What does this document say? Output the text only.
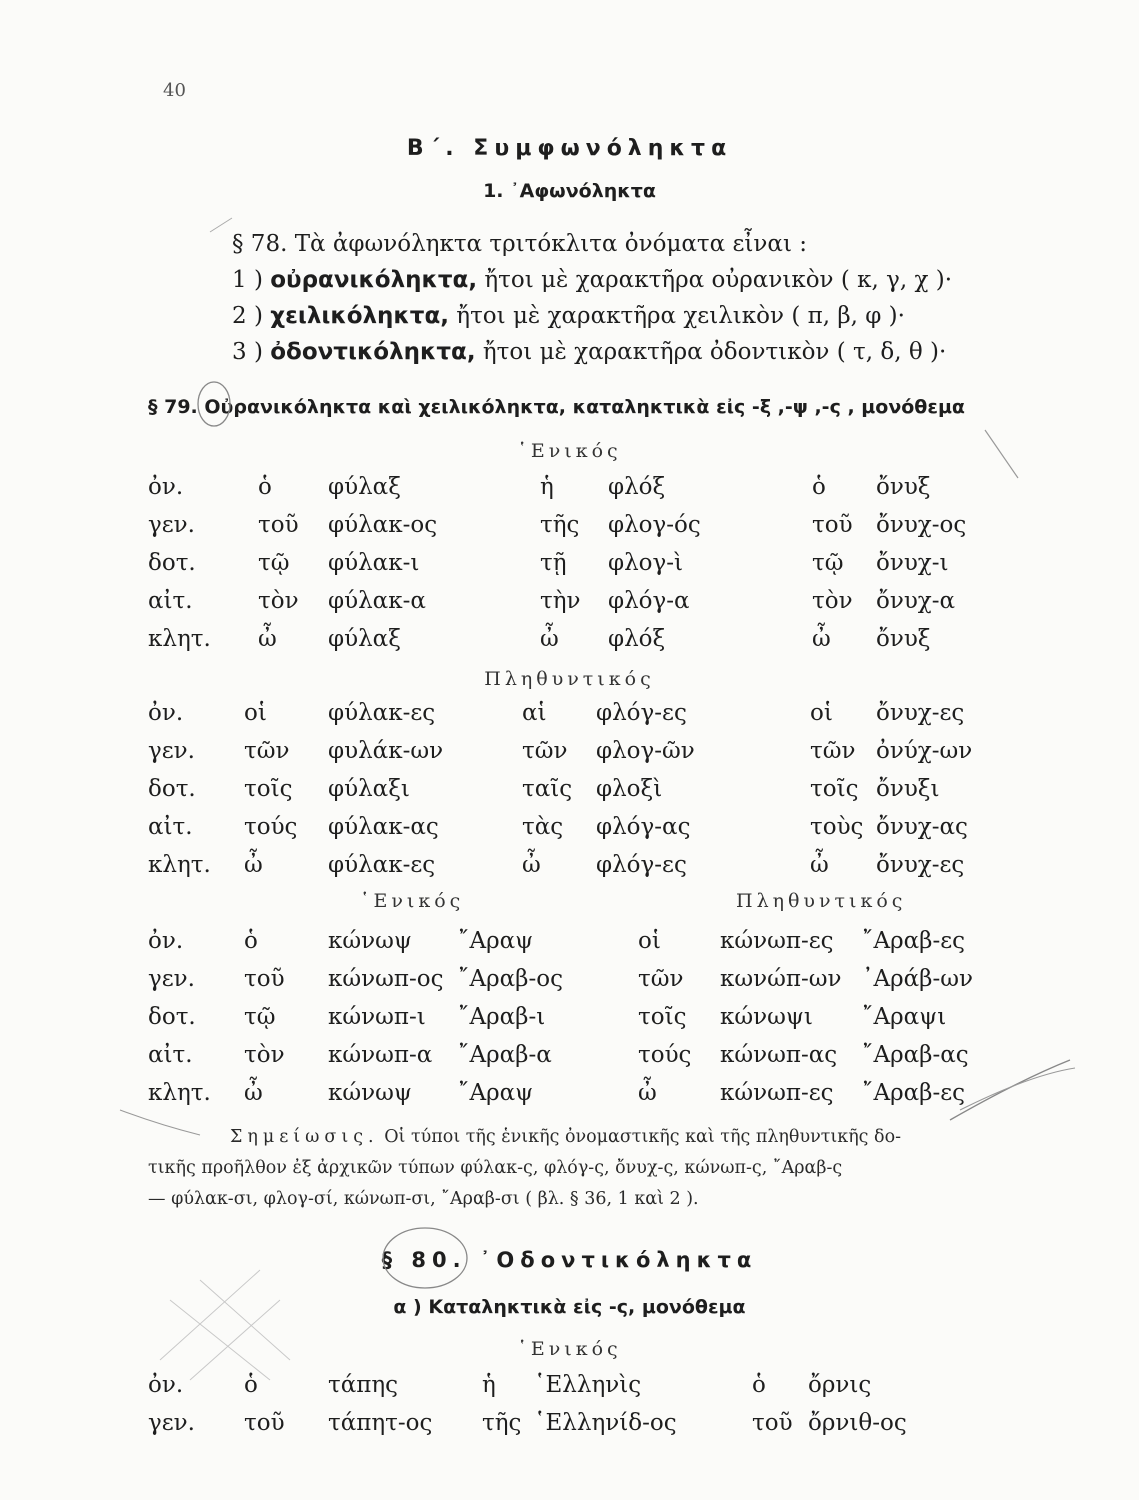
40
Β΄. Συμφωνόληκτα
1. ᾿Αφωνόληκτα
§ 78. Τὰ ἀφωνόληκτα τριτόκλιτα ὀνόματα εἶναι :
1 ) οὐρανικόληκτα, ἤτοι μὲ χαρακτῆρα οὐρανικὸν ( κ, γ, χ )·
2 ) χειλικόληκτα, ἤτοι μὲ χαρακτῆρα χειλικὸν ( π, β, φ )·
3 ) ὀδοντικόληκτα, ἤτοι μὲ χαρακτῆρα ὀδοντικὸν ( τ, δ, θ )·
§ 79. Οὐρανικόληκτα καὶ χειλικόληκτα, καταληκτικὰ εἰς -ξ ,-ψ ,-ς , μονόθεμα
῾Ενικός
ὀν.	ὁ φύλαξ	ἡ φλόξ	ὁ ὄνυξ
γεν.	τοῦ φύλακ-ος	τῆς φλογ-ός	τοῦ ὄνυχ-ος
δοτ.	τῷ φύλακ-ι	τῇ φλογ-ὶ	τῷ ὄνυχ-ι
αἰτ.	τὸν φύλακ-α	τὴν φλόγ-α	τὸν ὄνυχ-α
κλητ. ὦ φύλαξ	ὦ φλόξ	ὦ ὄνυξ
Πληθυντικός
ὀν.	οἱ	φύλακ-ες	αἱ φλόγ-ες	οἱ ὄνυχ-ες
γεν. τῶν φυλάκ-ων	τῶν φλογ-ῶν	τῶν ὀνύχ-ων
δοτ. τοῖς φύλαξι	ταῖς φλοξὶ	τοῖς ὄνυξι
αἰτ. τούς φύλακ-ας	τὰς φλόγ-ας	τοὺς ὄνυχ-ας
κλητ. ὦ	φύλακ-ες	ὦ φλόγ-ες	ὦ ὄνυχ-ες
῾Ενικός	Πληθυντικός
ὀν.	ὁ	κώνωψ ῎Αραψ	οἱ	κώνωπ-ες ῎Αραβ-ες
γεν. τοῦ κώνωπ-ος ῎Αραβ-ος	τῶν κωνώπ-ων ᾿Αράβ-ων
δοτ. τῷ κώνωπ-ι ῎Αραβ-ι	τοῖς κώνωψι ῎Αραψι
αἰτ. τὸν κώνωπ-α ῎Αραβ-α	τούς κώνωπ-ας ῎Αραβ-ας
κλητ. ὦ	κώνωψ ῎Αραψ	ὦ	κώνωπ-ες ῎Αραβ-ες
Σημείωσις. Οἱ τύποι τῆς ἑνικῆς ὀνομαστικῆς καὶ τῆς πληθυντικῆς δο-
τικῆς προῆλθον ἐξ ἀρχικῶν τύπων φύλακ-ς, φλόγ-ς, ὄνυχ-ς, κώνωπ-ς, ῎Αραβ-ς
— φύλακ-σι, φλογ-σί, κώνωπ-σι, ῎Αραβ-σι ( βλ. § 36, 1 καὶ 2 ).
§ 80. ᾿Οδοντικόληκτα
α ) Καταληκτικὰ εἰς -ς, μονόθεμα
῾Ενικός
ὀν.	ὁ	τάπης	ἡ ῾Ελληνὶς	ὁ ὄρνις
γεν. τοῦ τάπητ-ος τῆς ῾Ελληνίδ-ος	τοῦ ὄρνιθ-ος
